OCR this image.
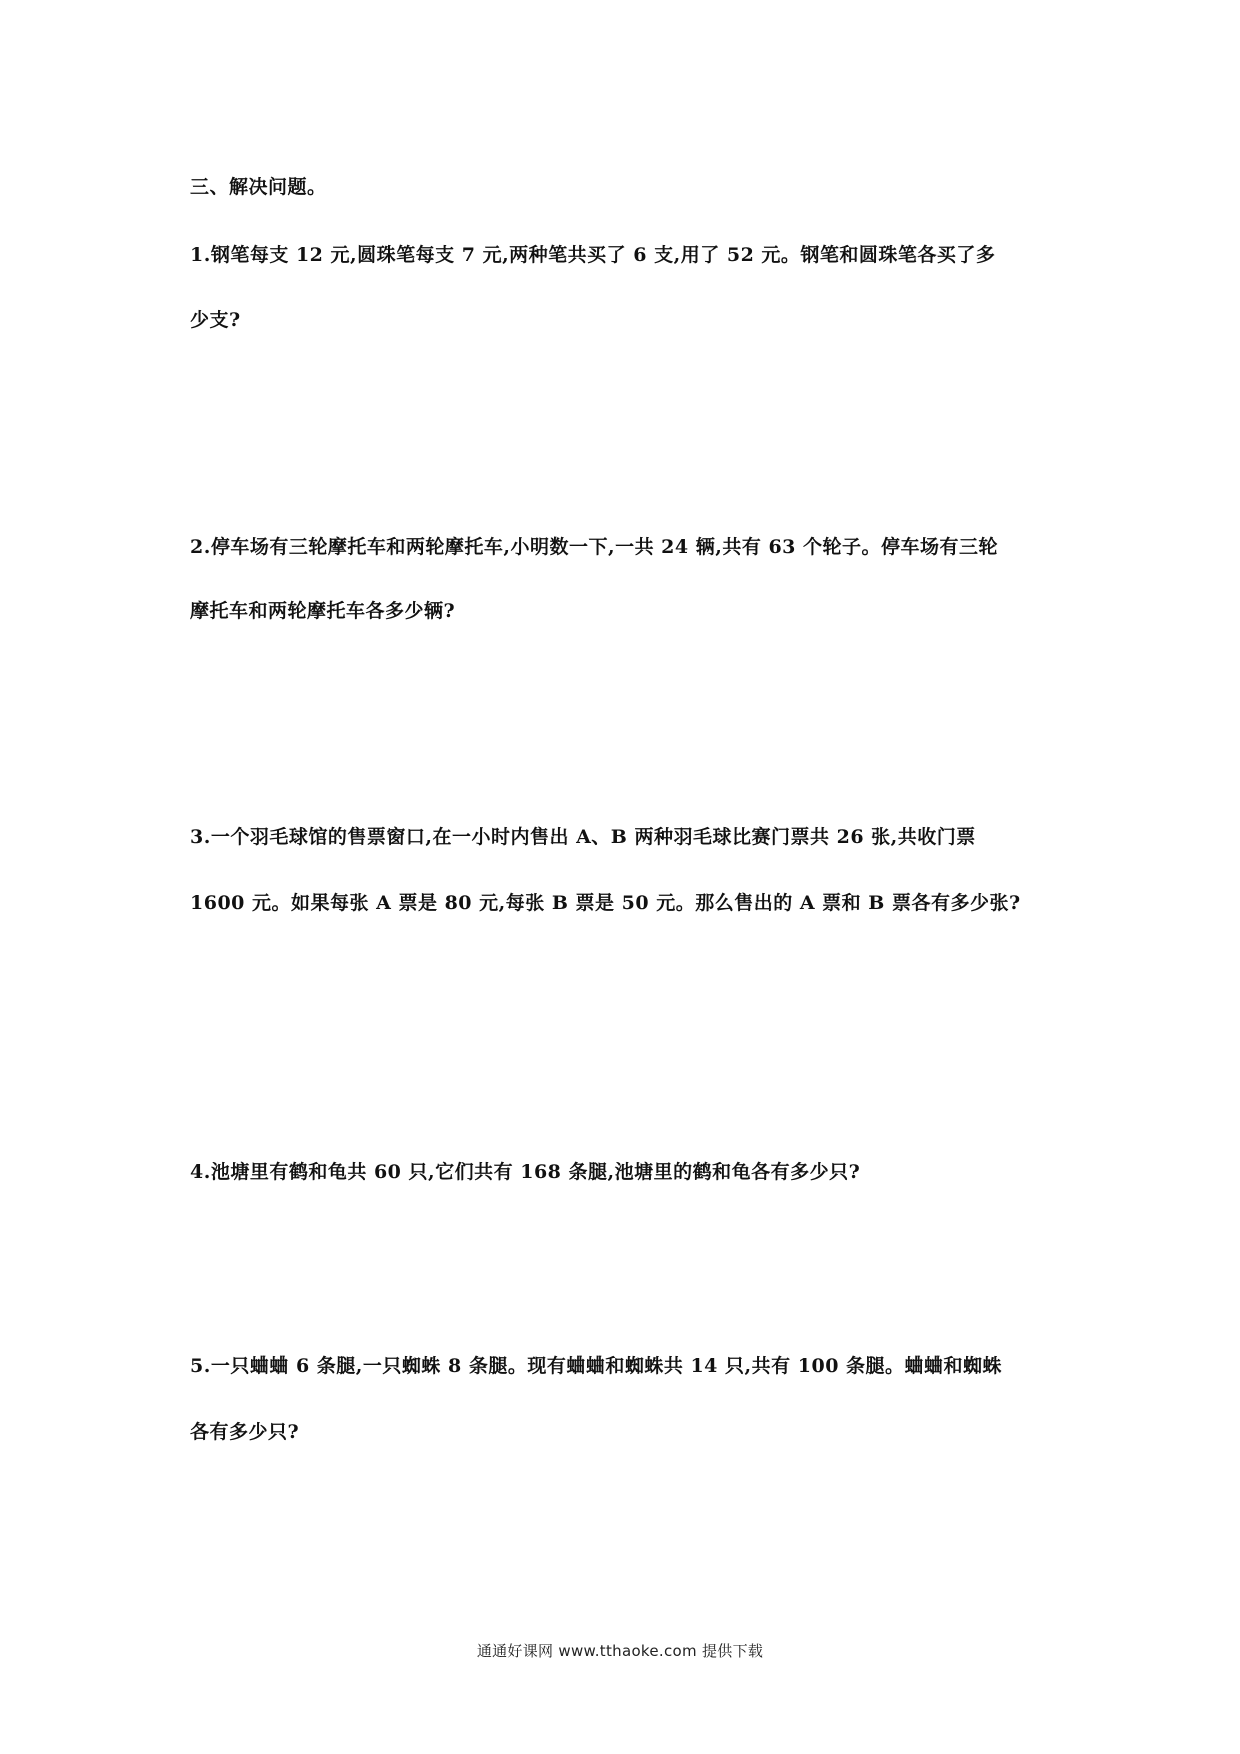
三、解决问题。
1.钢笔每支 12 元,圆珠笔每支 7 元,两种笔共买了 6 支,用了 52 元。钢笔和圆珠笔各买了多
少支?
2.停车场有三轮摩托车和两轮摩托车,小明数一下,一共 24 辆,共有 63 个轮子。停车场有三轮
摩托车和两轮摩托车各多少辆?
3.一个羽毛球馆的售票窗口,在一小时内售出 A、B 两种羽毛球比赛门票共 26 张,共收门票
1600 元。如果每张 A 票是 80 元,每张 B 票是 50 元。那么售出的 A 票和 B 票各有多少张?
4.池塘里有鹤和龟共 60 只,它们共有 168 条腿,池塘里的鹤和龟各有多少只?
5.一只蛐蛐 6 条腿,一只蜘蛛 8 条腿。现有蛐蛐和蜘蛛共 14 只,共有 100 条腿。蛐蛐和蜘蛛
各有多少只?
通通好课网 www.tthaoke.com 提供下载
